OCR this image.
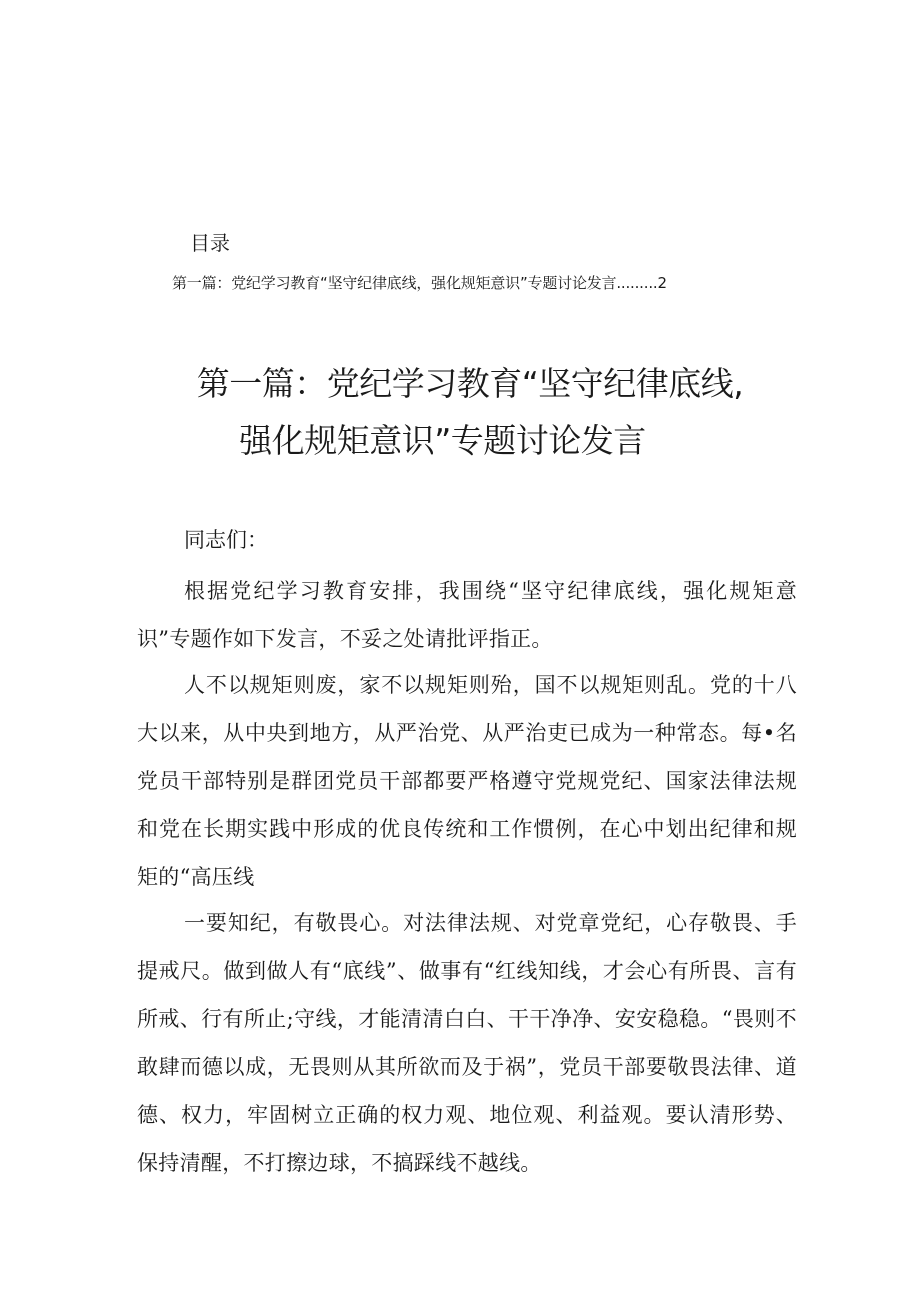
目录
第一篇：党纪学习教育“坚守纪律底线，强化规矩意识”专题讨论发言.........2
第一篇：党纪学习教育“坚守纪律底线,
强化规矩意识”专题讨论发言
同志们：

根据党纪学习教育安排，我围绕“坚守纪律底线，强化规矩意识”专题作如下发言，不妥之处请批评指正。

人不以规矩则废，家不以规矩则殆，国不以规矩则乱。党的十八大以来，从中央到地方，从严治党、从严治吏已成为一种常态。每•名党员干部特别是群团党员干部都要严格遵守党规党纪、国家法律法规和党在长期实践中形成的优良传统和工作惯例，在心中划出纪律和规矩的“高压线

一要知纪，有敬畏心。对法律法规、对党章党纪，心存敬畏、手提戒尺。做到做人有“底线”、做事有“红线知线，才会心有所畏、言有所戒、行有所止;守线，才能清清白白、干干净净、安安稳稳。“畏则不敢肆而德以成，无畏则从其所欲而及于祸”，党员干部要敬畏法律、道德、权力，牢固树立正确的权力观、地位观、利益观。要认清形势、保持清醒，不打擦边球，不搞踩线不越线。
